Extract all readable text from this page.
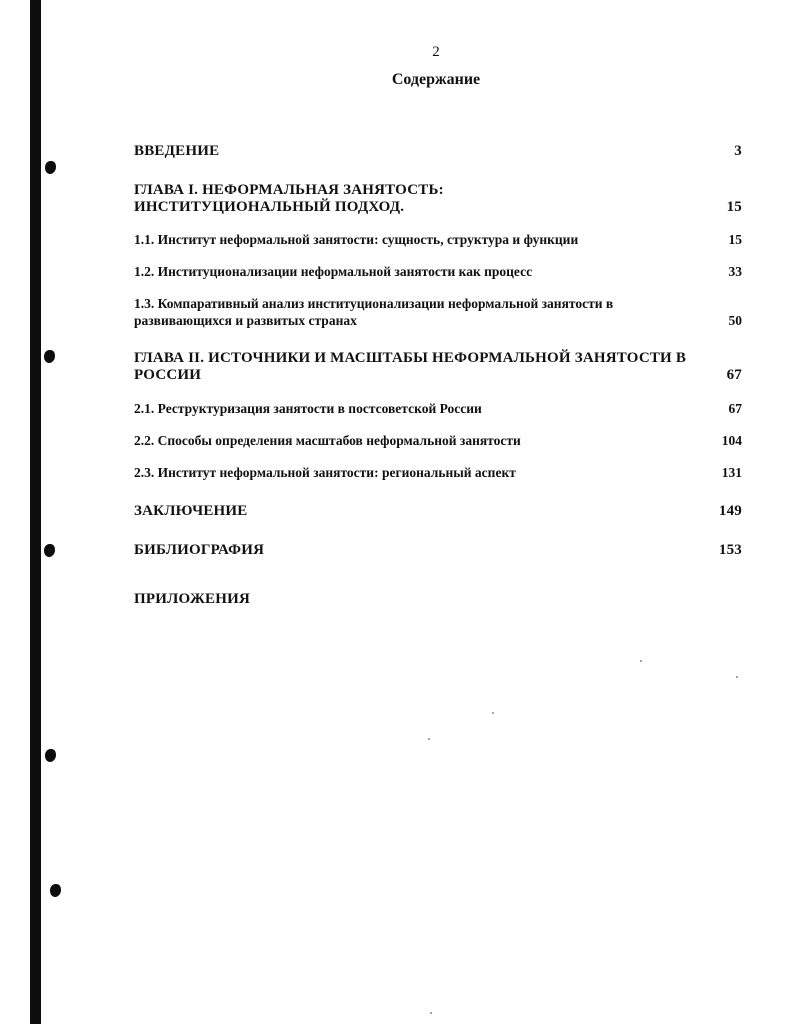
2
Содержание
ВВЕДЕНИЕ	3
ГЛАВА I. НЕФОРМАЛЬНАЯ ЗАНЯТОСТЬ: ИНСТИТУЦИОНАЛЬНЫЙ ПОДХОД.	15
1.1. Институт неформальной занятости: сущность, структура и функции	15
1.2. Институционализации неформальной занятости как процесс	33
1.3. Компаративный анализ институционализации неформальной занятости в развивающихся и развитых странах	50
ГЛАВА II. ИСТОЧНИКИ И МАСШТАБЫ НЕФОРМАЛЬНОЙ ЗАНЯТОСТИ В РОССИИ	67
2.1. Реструктуризация занятости в постсоветской России	67
2.2. Способы определения масштабов неформальной занятости	104
2.3. Институт неформальной занятости: региональный аспект	131
ЗАКЛЮЧЕНИЕ	149
БИБЛИОГРАФИЯ	153
ПРИЛОЖЕНИЯ
